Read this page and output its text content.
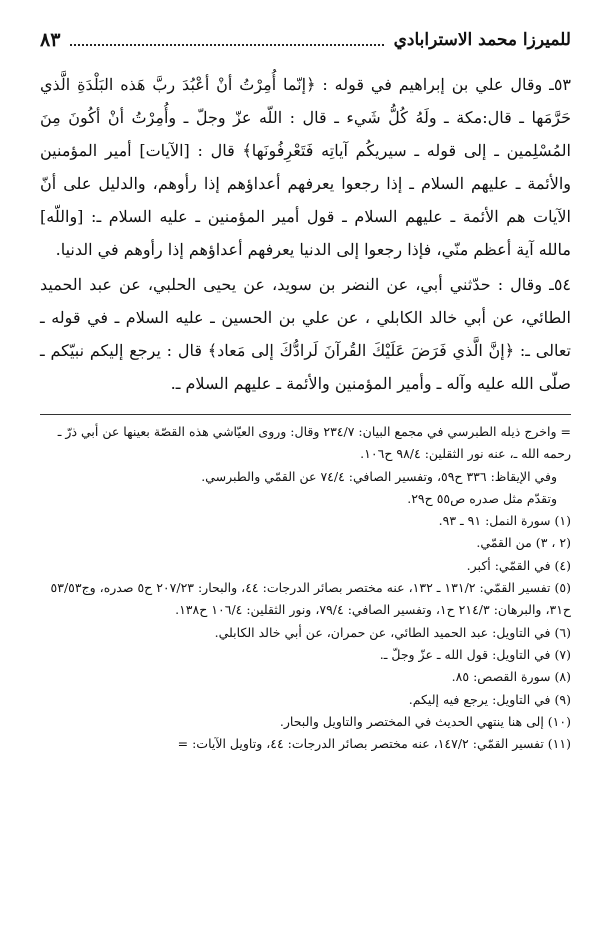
للميرزا محمد الاسترابادي
٨٣

٥٣ـ وقال علي بن إبراهيم في قوله : ﴿إنّما أُمِرْتُ أنْ أعْبُدَ ربَّ هَذه البَلْدَةِ الَّذي حَرَّمَها ـ قال:مكة ـ ولَهُ كُلُّ شَيء ـ قال : اللّه عزّ وجلّ ـ وأُمِرْتُ أنْ أكُونَ مِنَ المُسْلِمين ـ إلى قوله ـ سيريكُم آياتِه فَتَعْرِفُونَها﴾ قال : [الآيات] أمير المؤمنين والأئمة ـ عليهم السلام ـ إذا رجعوا يعرفهم أعداؤهم إذا رأوهم، والدليل على أنّ الآيات هم الأئمة ـ عليهم السلام ـ قول أمير المؤمنين ـ عليه السلام ـ: [واللّه] مالله آية أعظم منّي، فإذا رجعوا إلى الدنيا يعرفهم أعداؤهم إذا رأوهم في الدنيا.

٥٤ـ وقال : حدّثني أبي، عن النضر بن سويد، عن يحيى الحلبي، عن عبد الحميد الطائي، عن أبي خالد الكابلي ، عن علي بن الحسين ـ عليه السلام ـ في قوله ـ تعالى ـ: ﴿إنَّ الَّذي فَرَضَ عَلَيْكَ القُرآنَ لَرادُّكَ إلى مَعاد﴾ قال : يرجع إليكم نبيّكم ـ صلّى الله عليه وآله ـ وأمير المؤمنين والأئمة ـ عليهم السلام ـ.

= واخرج ذيله الطبرسي في مجمع البيان: ٢٣٤/٧ وقال: وروى العيّاشي هذه القصّة بعينها عن أبي ذرّ ـ رحمه الله ـ، عنه نور الثقلين: ٩٨/٤ ح١٠٦.

وفي الإيقاظ: ٣٣٦ ح٥٩، وتفسير الصافي: ٧٤/٤ عن القمّي والطبرسي.

وتقدّم مثل صدره ص٥٥ ح٢٩.

(١) سورة النمل: ٩١ ـ ٩٣.

(٢ ، ٣) من القمّي.

(٤) في القمّي: أكبر.

(٥) تفسير القمّي: ١٣١/٢ ـ ١٣٢، عنه مختصر بصائر الدرجات: ٤٤، والبحار: ٢٠٧/٢٣ ح٥ صدره، وج٥٣/٥٣ ح٣١، والبرهان: ٢١٤/٣ ح١، وتفسير الصافي: ٧٩/٤، ونور الثقلين: ١٠٦/٤ ح١٣٨.

(٦) في التاويل: عبد الحميد الطائي، عن حمران، عن أبي خالد الكابلي.

(٧) في التاويل: قول الله ـ عزّ وجلّ ـ.

(٨) سورة القصص: ٨٥.

(٩) في التاويل: يرجع فيه إليكم.

(١٠) إلى هنا ينتهي الحديث في المختصر والتاويل والبحار.

(١١) تفسير القمّي: ١٤٧/٢، عنه مختصر بصائر الدرجات: ٤٤، وتاويل الآيات: =
